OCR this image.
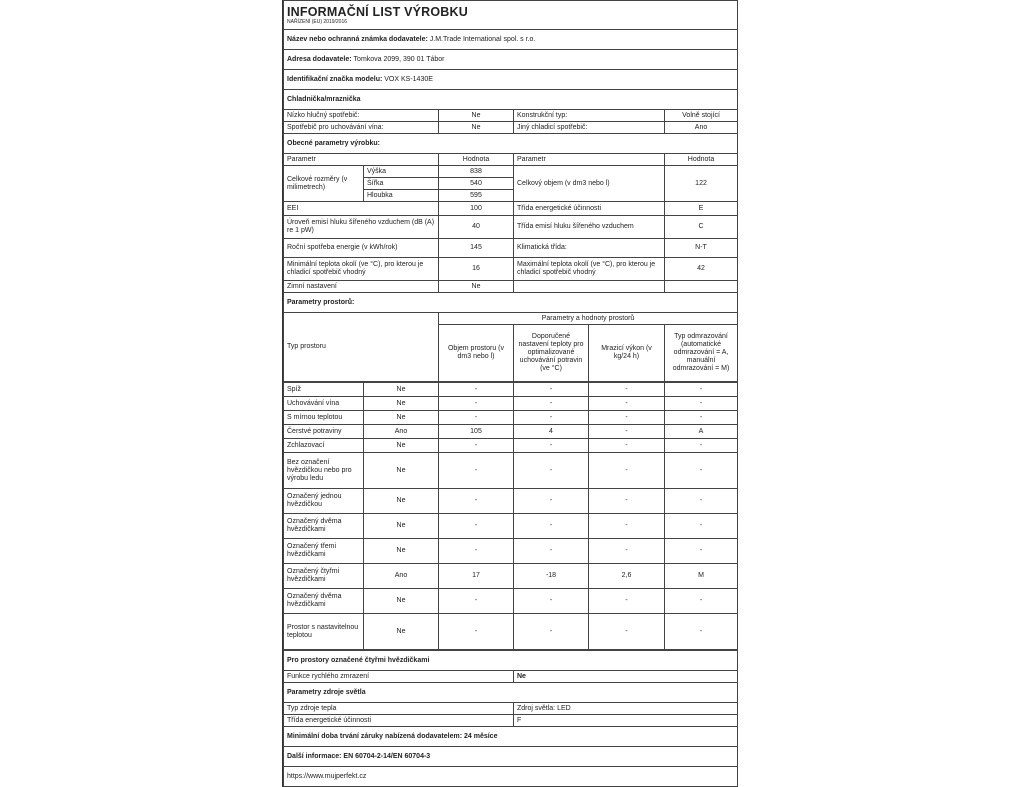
INFORMAČNÍ LIST VÝROBKU
NAŘÍZENÍ (EU) 2019/2016					

Název nebo ochranná známka dodavatele: J.M.Trade International spol. s r.o.					
Adresa dodavatele: Tomkova 2099, 390 01 Tábor					
Identifikační značka modelu: VOX KS-1430E					
Chladnička/mraznička					
Nízko hlučný spotřebič:		Ne	Konstrukční typ:		Volně stojící
Spotřebič pro uchovávání vína:		Ne	Jiný chladicí spotřebič:		Ano
Obecné parametry výrobku:					
Parametr		Hodnota	Parametr		Hodnota
Celkové rozměry (v milimetrech)	Výška	838	Celkový objem (v dm3 nebo l)		122
	Šířka	540			
	Hloubka	595			
EEI		100	Třída energetické účinnosti		E
Úroveň emisí hluku šířeného vzduchem (dB (A) re 1 pW)		40	Třída emisí hluku šířeného vzduchem		C
Roční spotřeba energie (v kWh/rok)		145	Klimatická třída:		N-T
Minimální teplota okolí (ve °C), pro kterou je chladicí spotřebič vhodný		16	Maximální teplota okolí (ve °C), pro kterou je chladicí spotřebič vhodný		42
Zimní nastavení		Ne			
Parametry prostorů:					
Typ prostoru		Parametry a hodnoty prostorů			
		Objem prostoru (v dm3 nebo l)	Doporučené nastavení teploty pro optimalizované uchovávání potravin (ve °C)	Mrazicí výkon (v kg/24 h)	Typ odmrazování (automatické odmrazování = A, manuální odmrazování = M)
Spíž	Ne	-	-	-	-
Uchovávání vína	Ne	-	-	-	-
S mírnou teplotou	Ne	-	-	-	-
Čerstvé potraviny	Ano	105	4	-	A
Zchlazovací	Ne	-	-	-	-
Bez označení hvězdičkou nebo pro výrobu ledu	Ne	-	-	-	-
Označený jednou hvězdičkou	Ne	-	-	-	-
Označený dvěma hvězdičkami	Ne	-	-	-	-
Označený třemi hvězdičkami	Ne	-	-	-	-
Označený čtyřmi hvězdičkami	Ano	17	-18	2,6	M
Označený dvěma hvězdičkami	Ne	-	-	-	-
Prostor s nastavitelnou teplotou	Ne	-	-	-	-
Pro prostory označené čtyřmi hvězdičkami	
Funkce rychlého zmrazení	Ne
Parametry zdroje světla	
Typ zdroje tepla	Zdroj světla: LED
Třída energetické účinnosti	F
Minimální doba trvání záruky nabízená dodavatelem: 24 měsíce	
Další informace: EN 60704-2-14/EN 60704-3	
https://www.mujperfekt.cz	
